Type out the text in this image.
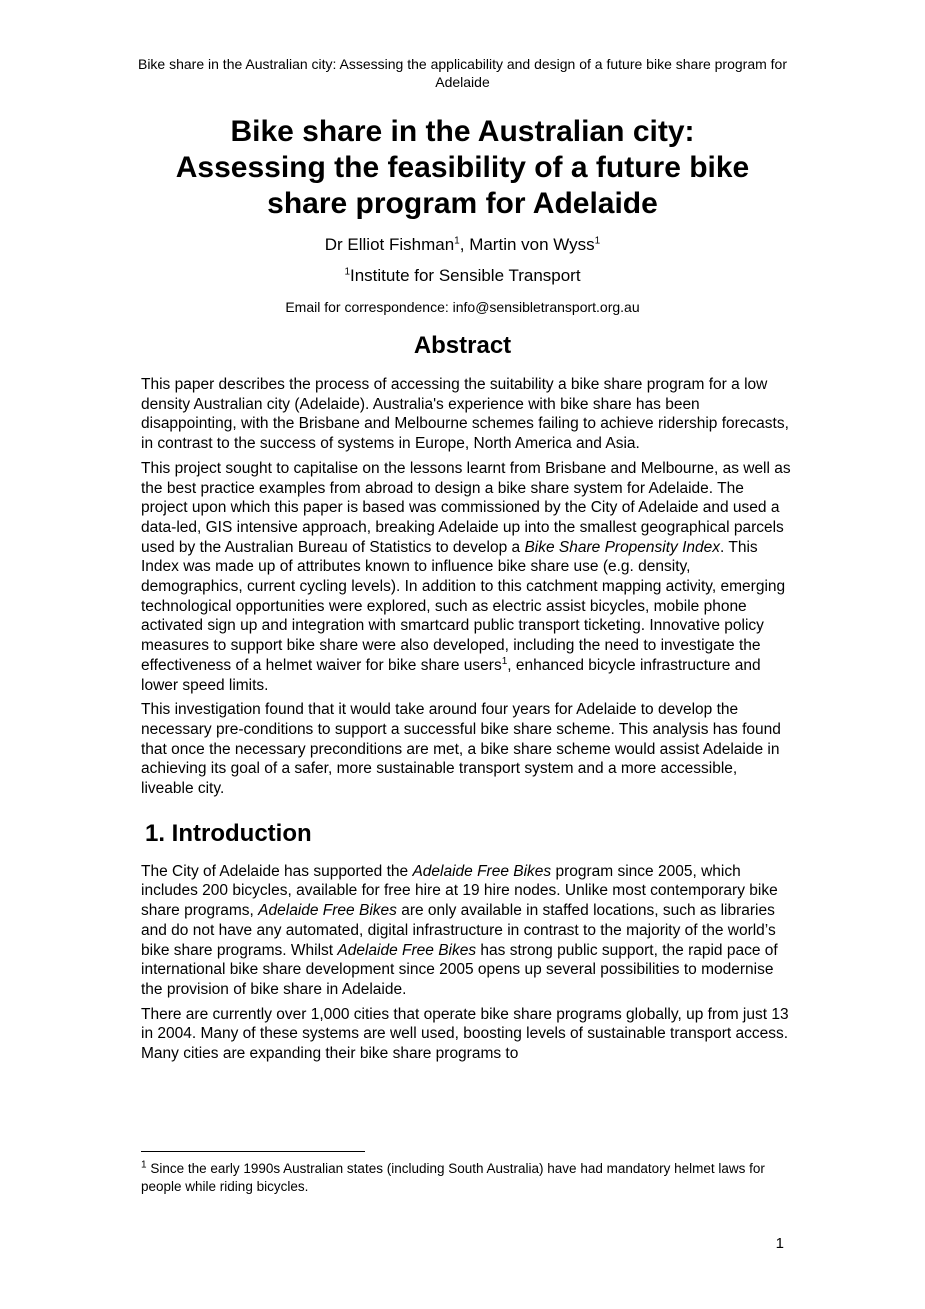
Bike share in the Australian city: Assessing the applicability and design of a future bike share program for Adelaide
Bike share in the Australian city:
Assessing the feasibility of a future bike
share program for Adelaide
Dr Elliot Fishman$^1$, Martin von Wyss$^1$
$^1$Institute for Sensible Transport
Email for correspondence: info@sensibletransport.org.au
Abstract

This paper describes the process of accessing the suitability a bike share program for a low density Australian city (Adelaide). Australia's experience with bike share has been disappointing, with the Brisbane and Melbourne schemes failing to achieve ridership forecasts, in contrast to the success of systems in Europe, North America and Asia.

This project sought to capitalise on the lessons learnt from Brisbane and Melbourne, as well as the best practice examples from abroad to design a bike share system for Adelaide. The project upon which this paper is based was commissioned by the City of Adelaide and used a data-led, GIS intensive approach, breaking Adelaide up into the smallest geographical parcels used by the Australian Bureau of Statistics to develop a Bike Share Propensity Index. This Index was made up of attributes known to influence bike share use (e.g. density, demographics, current cycling levels). In addition to this catchment mapping activity, emerging technological opportunities were explored, such as electric assist bicycles, mobile phone activated sign up and integration with smartcard public transport ticketing. Innovative policy measures to support bike share were also developed, including the need to investigate the effectiveness of a helmet waiver for bike share users$^1$, enhanced bicycle infrastructure and lower speed limits.

This investigation found that it would take around four years for Adelaide to develop the necessary pre-conditions to support a successful bike share scheme. This analysis has found that once the necessary preconditions are met, a bike share scheme would assist Adelaide in achieving its goal of a safer, more sustainable transport system and a more accessible, liveable city.

1. Introduction

The City of Adelaide has supported the Adelaide Free Bikes program since 2005, which includes 200 bicycles, available for free hire at 19 hire nodes. Unlike most contemporary bike share programs, Adelaide Free Bikes are only available in staffed locations, such as libraries and do not have any automated, digital infrastructure in contrast to the majority of the world’s bike share programs. Whilst Adelaide Free Bikes has strong public support, the rapid pace of international bike share development since 2005 opens up several possibilities to modernise the provision of bike share in Adelaide.

There are currently over 1,000 cities that operate bike share programs globally, up from just 13 in 2004. Many of these systems are well used, boosting levels of sustainable transport access. Many cities are expanding their bike share programs to

$^1$ Since the early 1990s Australian states (including South Australia) have had mandatory helmet laws for people while riding bicycles.
1
